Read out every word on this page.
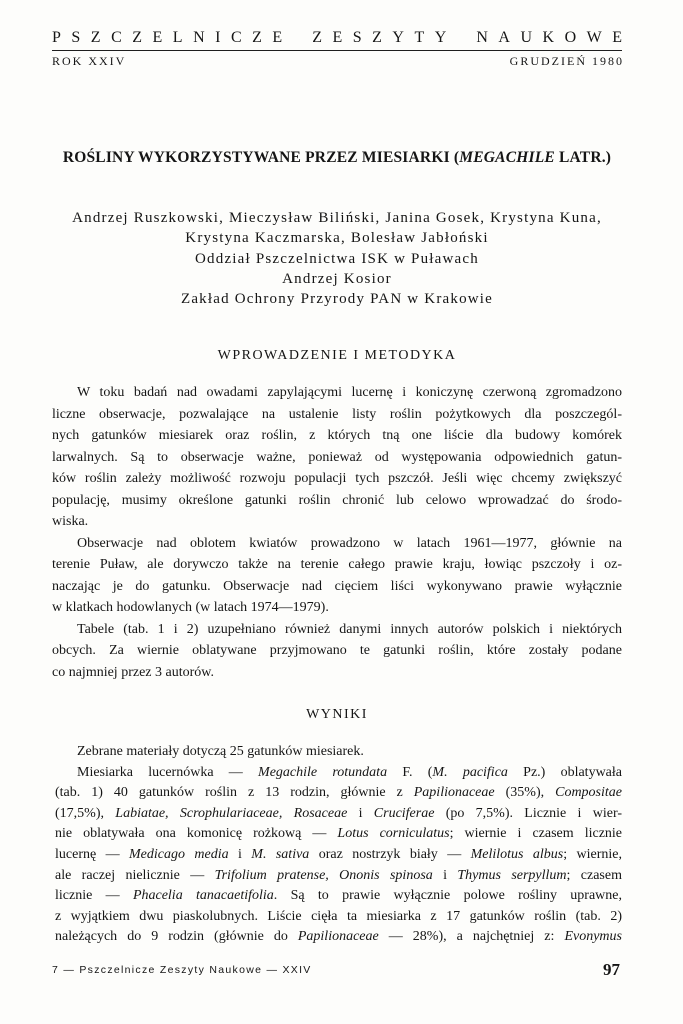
PSZCZELNICZE ZESZYTY NAUKOWE
ROK XXIV	GRUDZIEŃ 1980
ROŚLINY WYKORZYSTYWANE PRZEZ MIESIARKI (MEGACHILE LATR.)
Andrzej Ruszkowski, Mieczysław Biliński, Janina Gosek, Krystyna Kuna,
Krystyna Kaczmarska, Bolesław Jabłoński
Oddział Pszczelnictwa ISK w Puławach
Andrzej Kosior
Zakład Ochrony Przyrody PAN w Krakowie
WPROWADZENIE I METODYKA
W toku badań nad owadami zapylającymi lucernę i koniczynę czerwoną zgromadzono
liczne obserwacje, pozwalające na ustalenie listy roślin pożytkowych dla poszczegól-
nych gatunków miesiarek oraz roślin, z których tną one liście dla budowy komórek
larwalnych. Są to obserwacje ważne, ponieważ od występowania odpowiednich gatun-
ków roślin zależy możliwość rozwoju populacji tych pszczół. Jeśli więc chcemy zwiększyć
populację, musimy określone gatunki roślin chronić lub celowo wprowadzać do środo-
wiska.
Obserwacje nad oblotem kwiatów prowadzono w latach 1961—1977, głównie na
terenie Puław, ale dorywczo także na terenie całego prawie kraju, łowiąc pszczoły i oz-
naczając je do gatunku. Obserwacje nad cięciem liści wykonywano prawie wyłącznie
w klatkach hodowlanych (w latach 1974—1979).
Tabele (tab. 1 i 2) uzupełniano również danymi innych autorów polskich i niektórych
obcych. Za wiernie oblatywane przyjmowano te gatunki roślin, które zostały podane
co najmniej przez 3 autorów.
WYNIKI
Zebrane materiały dotyczą 25 gatunków miesiarek.
Miesiarka lucernówka — Megachile rotundata F. (M. pacifica Pz.) oblatywała
(tab. 1) 40 gatunków roślin z 13 rodzin, głównie z Papilionaceae (35%), Compositae
(17,5%), Labiatae, Scrophulariaceae, Rosaceae i Cruciferae (po 7,5%). Licznie i wier-
nie oblatywała ona komonicę rożkową — Lotus corniculatus; wiernie i czasem licznie
lucernę — Medicago media i M. sativa oraz nostrzyk biały — Melilotus albus; wiernie,
ale raczej nielicznie — Trifolium pratense, Ononis spinosa i Thymus serpyllum; czasem
licznie — Phacelia tanacaetifolia. Są to prawie wyłącznie polowe rośliny uprawne,
z wyjątkiem dwu piaskolubnych. Liście cięła ta miesiarka z 17 gatunków roślin (tab. 2)
należących do 9 rodzin (głównie do Papilionaceae — 28%), a najchętniej z: Evonymus
7 — Pszczelnicze Zeszyty Naukowe — XXIV	97
